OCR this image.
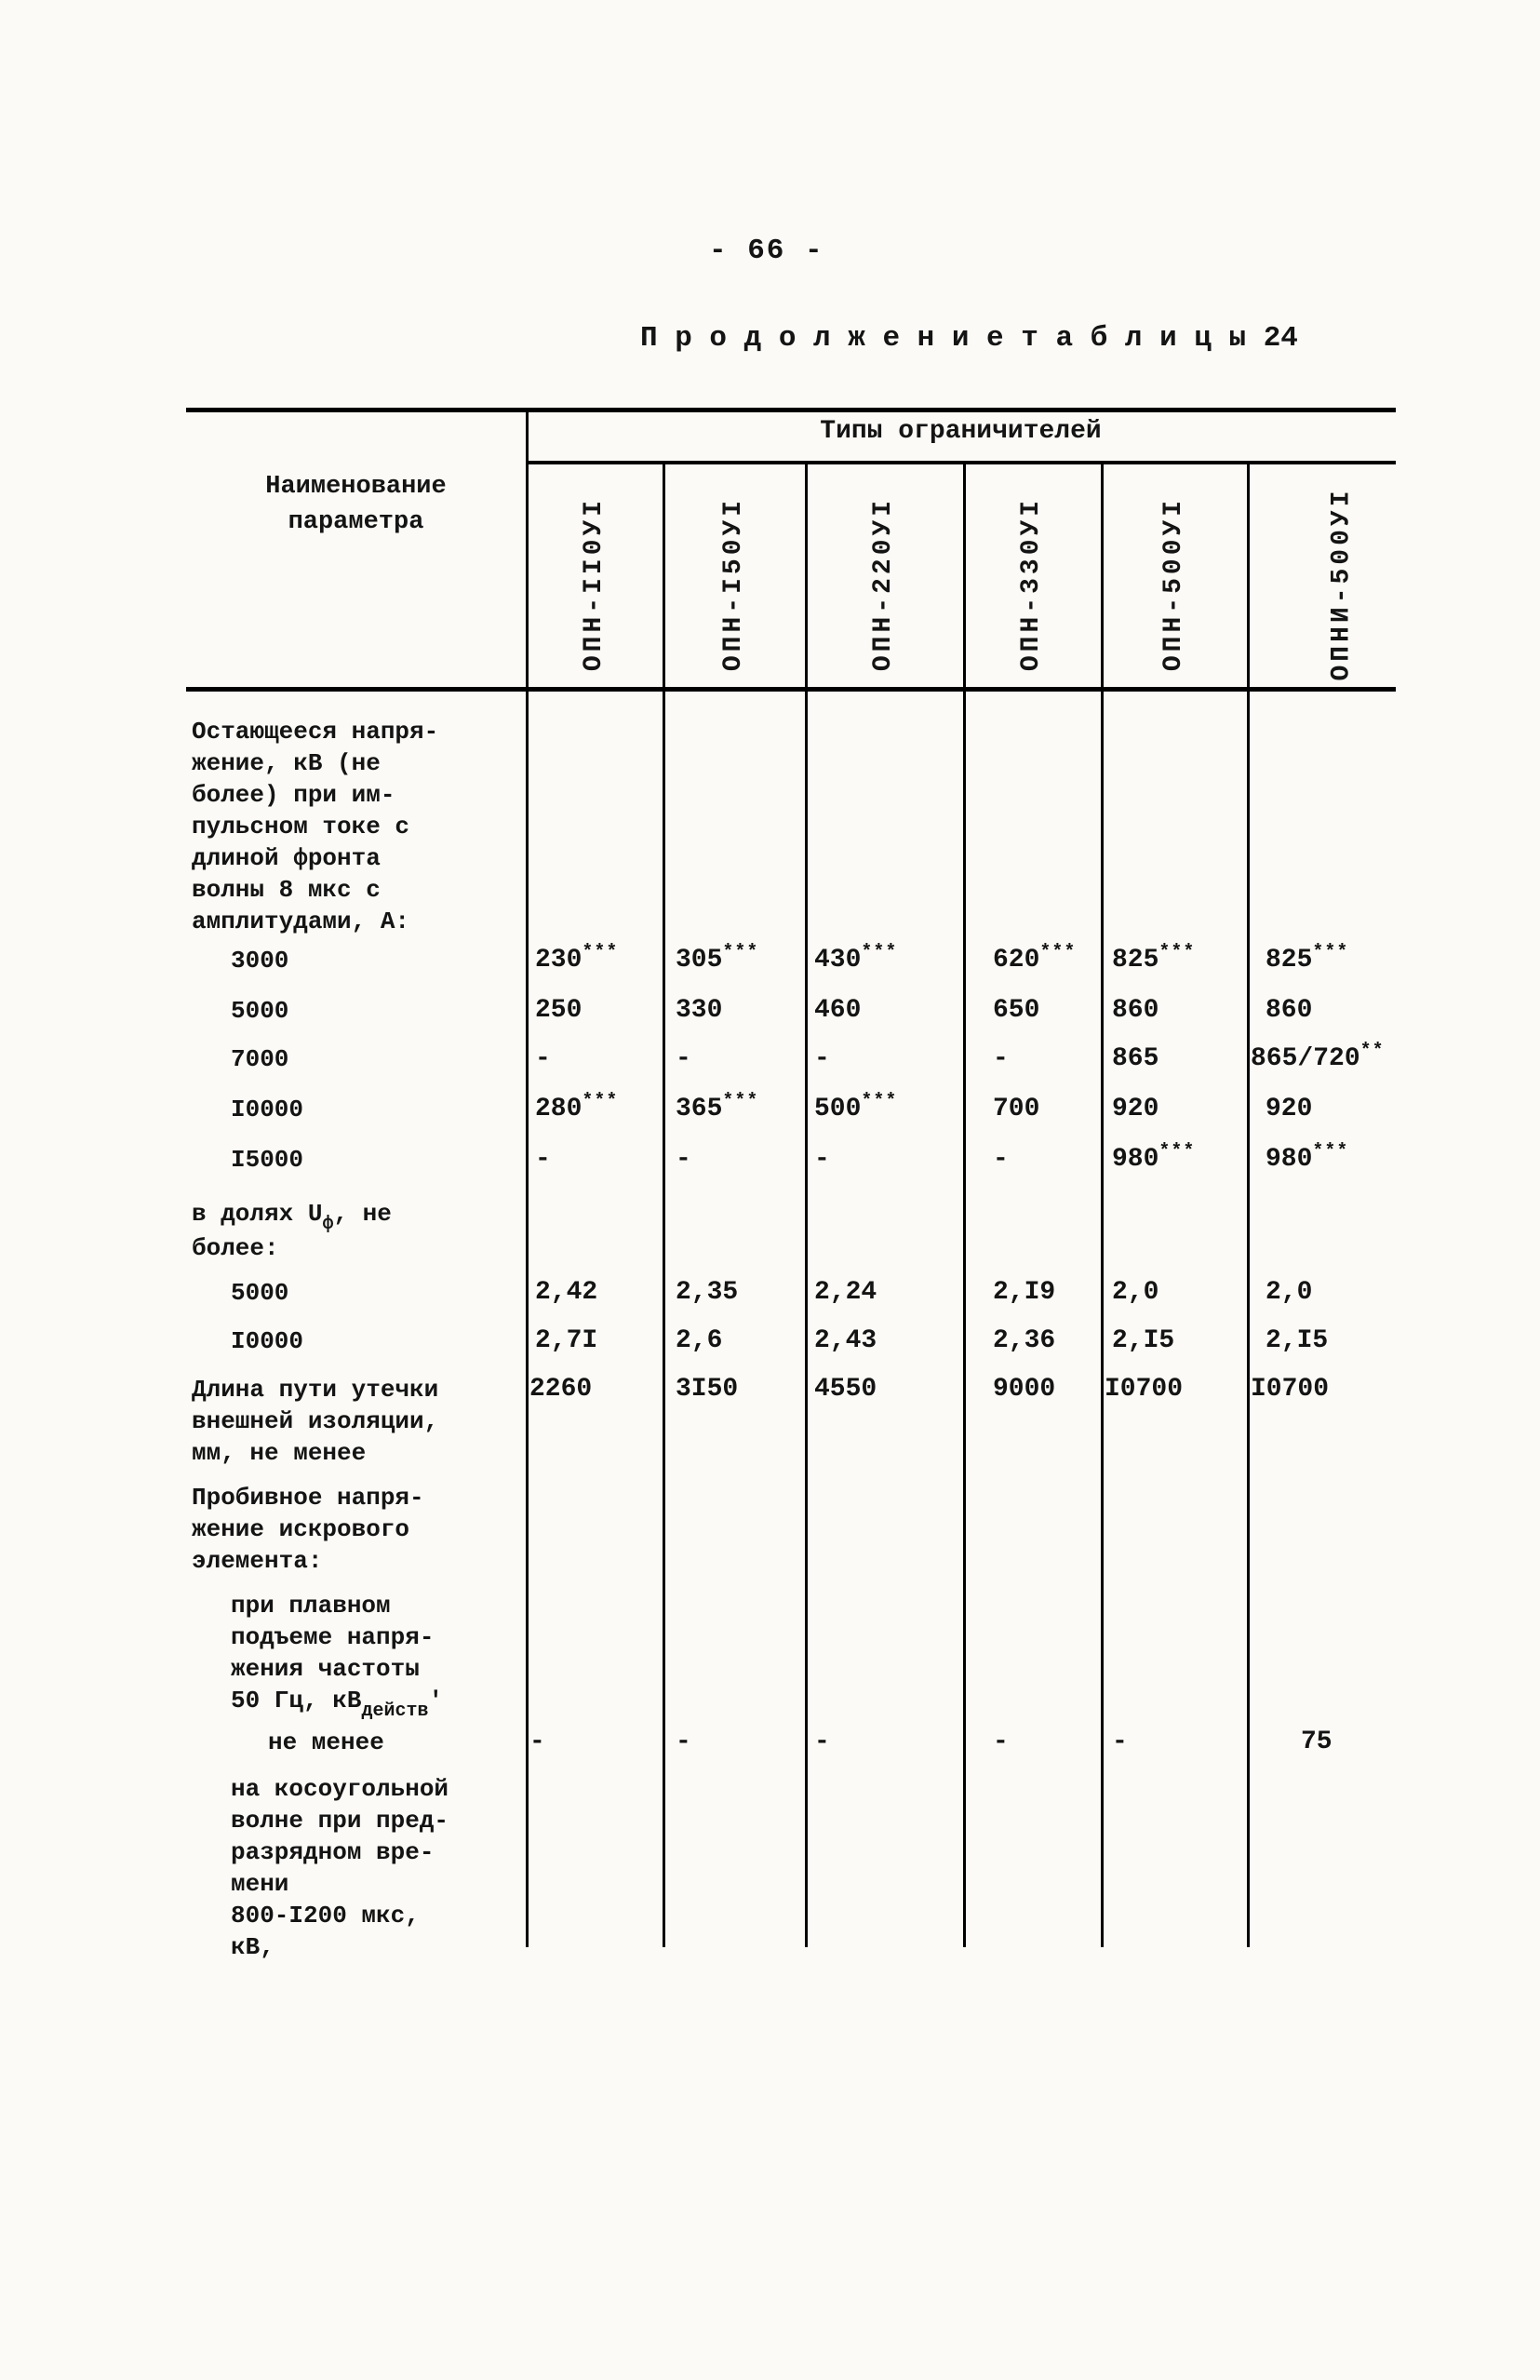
- 66 -
П р о д о л ж е н и е т а б л и ц ы 24
Типы ограничителей
Наименование
параметра	ОПН-II0УI	ОПН-I50УI	ОПН-220УI	ОПН-330УI	ОПН-500УI	ОПНИ-500УI
Остающееся напря-
жение, кВ (не
более) при им-
пульсном токе с
длиной фронта
волны 8 мкс с
амплитудами, А:
3000	230***	305***	430***	620***	825***	825***
5000	250	330	460	650	860	860
7000	-	-	-	-	865	865/720**
I0000	280***	365***	500***	700	920	920
I5000	-	-	-	-	980***	980***
в долях $U_ф$, не
более:
5000	2,42	2,35	2,24	2,I9	2,0	2,0
I0000	2,7I	2,6	2,43	2,36	2,I5	2,I5
Длина пути утечки
внешней изоляции,
мм, не менее
2260	3I50	4550	9000	I0700	I0700
Пробивное напря-
жение искрового
элемента:
при плавном
подъеме напря-
жения частоты
50 Гц, $кВ_{действ}'$
не менее	-	-	-	-	-	75
на косоугольной
волне при пред-
разрядном вре-
мени
800-I200 мкс,
кВ,
